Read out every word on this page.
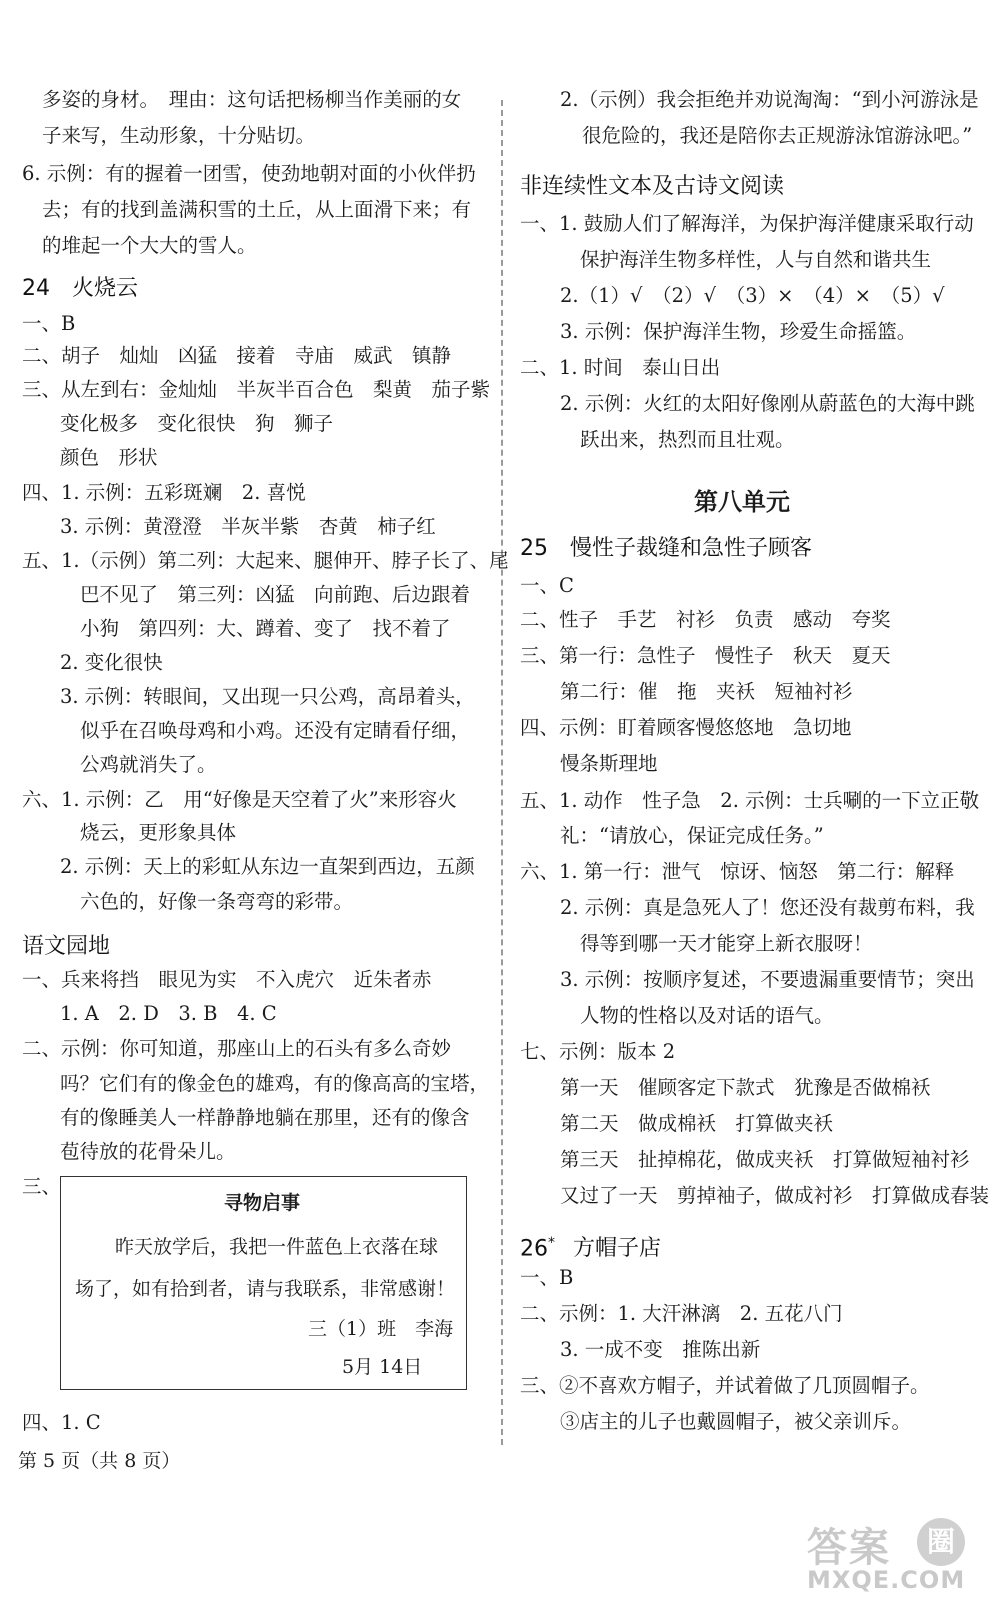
多姿的身材。　理由：这句话把杨柳当作美丽的女
子来写，生动形象，十分贴切。
6. 示例：有的握着一团雪，使劲地朝对面的小伙伴扔
去；有的找到盖满积雪的土丘，从上面滑下来；有
的堆起一个大大的雪人。
24　火烧云
一、B
二、胡子　灿灿　凶猛　接着　寺庙　威武　镇静
三、从左到右：金灿灿　半灰半百合色　梨黄　茄子紫
变化极多　变化很快　狗　狮子
颜色　形状
四、1. 示例：五彩斑斓　2. 喜悦
3. 示例：黄澄澄　半灰半紫　杏黄　柿子红
五、1.（示例）第二列：大起来、腿伸开、脖子长了、尾
巴不见了　第三列：凶猛　向前跑、后边跟着
小狗　第四列：大、蹲着、变了　找不着了
2. 变化很快
3. 示例：转眼间，又出现一只公鸡，高昂着头，
似乎在召唤母鸡和小鸡。还没有定睛看仔细，
公鸡就消失了。
六、1. 示例：乙　用“好像是天空着了火”来形容火
烧云，更形象具体
2. 示例：天上的彩虹从东边一直架到西边，五颜
六色的，好像一条弯弯的彩带。
语文园地
一、兵来将挡　眼见为实　不入虎穴　近朱者赤
1. A　2. D　3. B　4. C
二、示例：你可知道，那座山上的石头有多么奇妙
吗？它们有的像金色的雄鸡，有的像高高的宝塔，
有的像睡美人一样静静地躺在那里，还有的像含
苞待放的花骨朵儿。
三、
四、1. C
寻物启事
昨天放学后，我把一件蓝色上衣落在球
场了，如有拾到者，请与我联系，非常感谢！
三（1）班　李海
5月 14日
2.（示例）我会拒绝并劝说淘淘：“到小河游泳是
很危险的，我还是陪你去正规游泳馆游泳吧。”
非连续性文本及古诗文阅读
一、1. 鼓励人们了解海洋，为保护海洋健康采取行动
保护海洋生物多样性，人与自然和谐共生
2.（1）√　（2）√　（3）×　（4）×　（5）√
3. 示例：保护海洋生物，珍爱生命摇篮。
二、1. 时间　泰山日出
2. 示例：火红的太阳好像刚从蔚蓝色的大海中跳
跃出来，热烈而且壮观。
第八单元
25　慢性子裁缝和急性子顾客
一、C
二、性子　手艺　衬衫　负责　感动　夸奖
三、第一行：急性子　慢性子　秋天　夏天
第二行：催　拖　夹袄　短袖衬衫
四、示例：盯着顾客慢悠悠地　急切地
慢条斯理地
五、1. 动作　性子急　2. 示例：士兵唰的一下立正敬
礼：“请放心，保证完成任务。”
六、1. 第一行：泄气　惊讶、恼怒　第二行：解释
2. 示例：真是急死人了！您还没有裁剪布料，我
得等到哪一天才能穿上新衣服呀！
3. 示例：按顺序复述，不要遗漏重要情节；突出
人物的性格以及对话的语气。
七、示例：版本 2
第一天　催顾客定下款式　犹豫是否做棉袄
第二天　做成棉袄　打算做夹袄
第三天　扯掉棉花，做成夹袄　打算做短袖衬衫
又过了一天　剪掉袖子，做成衬衫　打算做成春装
26* 方帽子店
一、B
二、示例：1. 大汗淋漓　2. 五花八门
3. 一成不变　推陈出新
三、②不喜欢方帽子，并试着做了几顶圆帽子。
③店主的儿子也戴圆帽子，被父亲训斥。
第 5 页（共 8 页）
答案	圈
MXQE.COM
